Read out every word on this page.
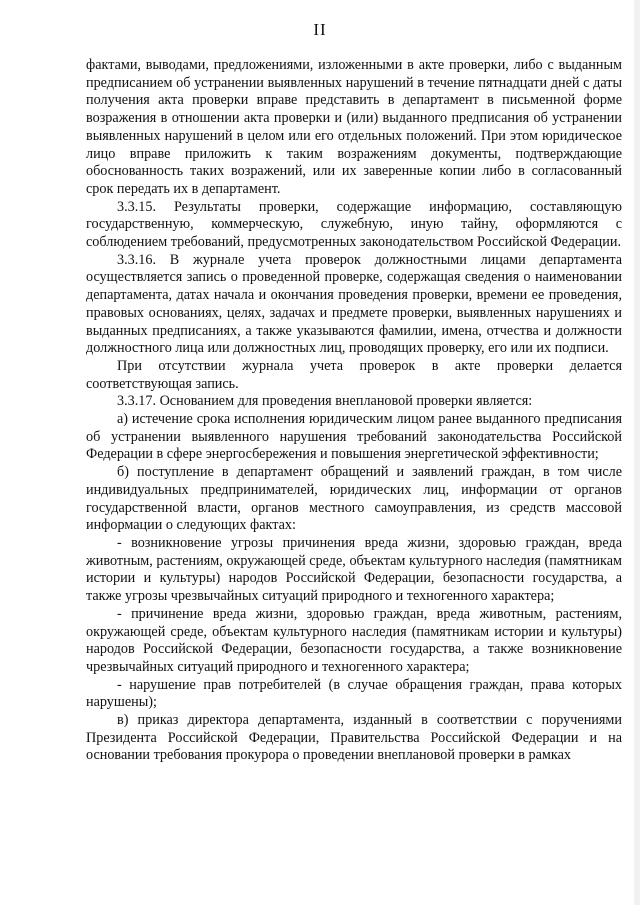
II

фактами, выводами, предложениями, изложенными в акте проверки, либо с выданным предписанием об устранении выявленных нарушений в течение пятнадцати дней с даты получения акта проверки вправе представить в департамент в письменной форме возражения в отношении акта проверки и (или) выданного предписания об устранении выявленных нарушений в целом или его отдельных положений. При этом юридическое лицо вправе приложить к таким возражениям документы, подтверждающие обоснованность таких возражений, или их заверенные копии либо в согласованный срок передать их в департамент.

3.3.15. Результаты проверки, содержащие информацию, составляющую государственную, коммерческую, служебную, иную тайну, оформляются с соблюдением требований, предусмотренных законодательством Российской Федерации.

3.3.16. В журнале учета проверок должностными лицами департамента осуществляется запись о проведенной проверке, содержащая сведения о наименовании департамента, датах начала и окончания проведения проверки, времени ее проведения, правовых основаниях, целях, задачах и предмете проверки, выявленных нарушениях и выданных предписаниях, а также указываются фамилии, имена, отчества и должности должностного лица или должностных лиц, проводящих проверку, его или их подписи.

При отсутствии журнала учета проверок в акте проверки делается соответствующая запись.

3.3.17. Основанием для проведения внеплановой проверки является:

а) истечение срока исполнения юридическим лицом ранее выданного предписания об устранении выявленного нарушения требований законодательства Российской Федерации в сфере энергосбережения и повышения энергетической эффективности;

б) поступление в департамент обращений и заявлений граждан, в том числе индивидуальных предпринимателей, юридических лиц, информации от органов государственной власти, органов местного самоуправления, из средств массовой информации о следующих фактах:

- возникновение угрозы причинения вреда жизни, здоровью граждан, вреда животным, растениям, окружающей среде, объектам культурного наследия (памятникам истории и культуры) народов Российской Федерации, безопасности государства, а также угрозы чрезвычайных ситуаций природного и техногенного характера;

- причинение вреда жизни, здоровью граждан, вреда животным, растениям, окружающей среде, объектам культурного наследия (памятникам истории и культуры) народов Российской Федерации, безопасности государства, а также возникновение чрезвычайных ситуаций природного и техногенного характера;

- нарушение прав потребителей (в случае обращения граждан, права которых нарушены);

в) приказ директора департамента, изданный в соответствии с поручениями Президента Российской Федерации, Правительства Российской Федерации и на основании требования прокурора о проведении внеплановой проверки в рамках
